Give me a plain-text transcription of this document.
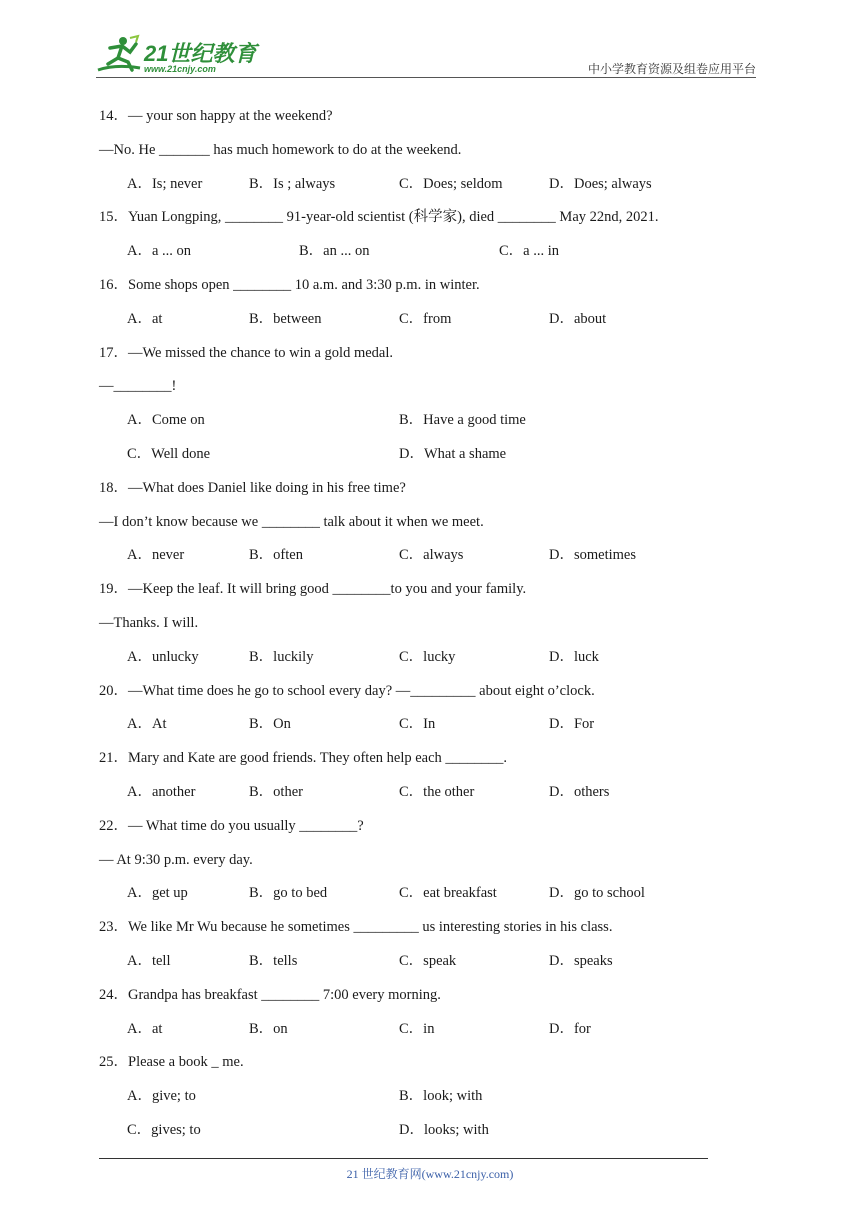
21世纪教育
www.21cnjy.com	中小学教育资源及组卷应用平台
14．— your son happy at the weekend?
—No. He _______ has much homework to do at the weekend.
A．Is; never	B．Is ; always	C．Does; seldom	D．Does; always
15．Yuan Longping, ________ 91-year-old scientist (科学家), died ________ May 22nd, 2021.
A．a ... on	B．an ... on	C．a ... in
16．Some shops open ________ 10 a.m. and 3:30 p.m. in winter.
A．at	B．between	C．from	D．about
17．—We missed the chance to win a gold medal.
—________!
A．Come on	B．Have a good time
C．Well done	D．What a shame
18．—What does Daniel like doing in his free time?
—I don’t know because we ________ talk about it when we meet.
A．never	B．often	C．always	D．sometimes
19．—Keep the leaf. It will bring good ________to you and your family.
—Thanks. I will.
A．unlucky	B．luckily	C．lucky	D．luck
20．—What time does he go to school every day? —_________ about eight o’clock.
A．At	B．On	C．In	D．For
21．Mary and Kate are good friends. They often help each ________.
A．another	B．other	C．the other	D．others
22．— What time do you usually ________?
— At 9:30 p.m. every day.
A．get up	B．go to bed	C．eat breakfast	D．go to school
23．We like Mr Wu because he sometimes _________ us interesting stories in his class.
A．tell	B．tells	C．speak	D．speaks
24．Grandpa has breakfast ________ 7:00 every morning.
A．at	B．on	C．in	D．for
25．Please a book _ me.
A．give; to	B．look; with
C．gives; to	D．looks; with
21 世纪教育网(www.21cnjy.com)
